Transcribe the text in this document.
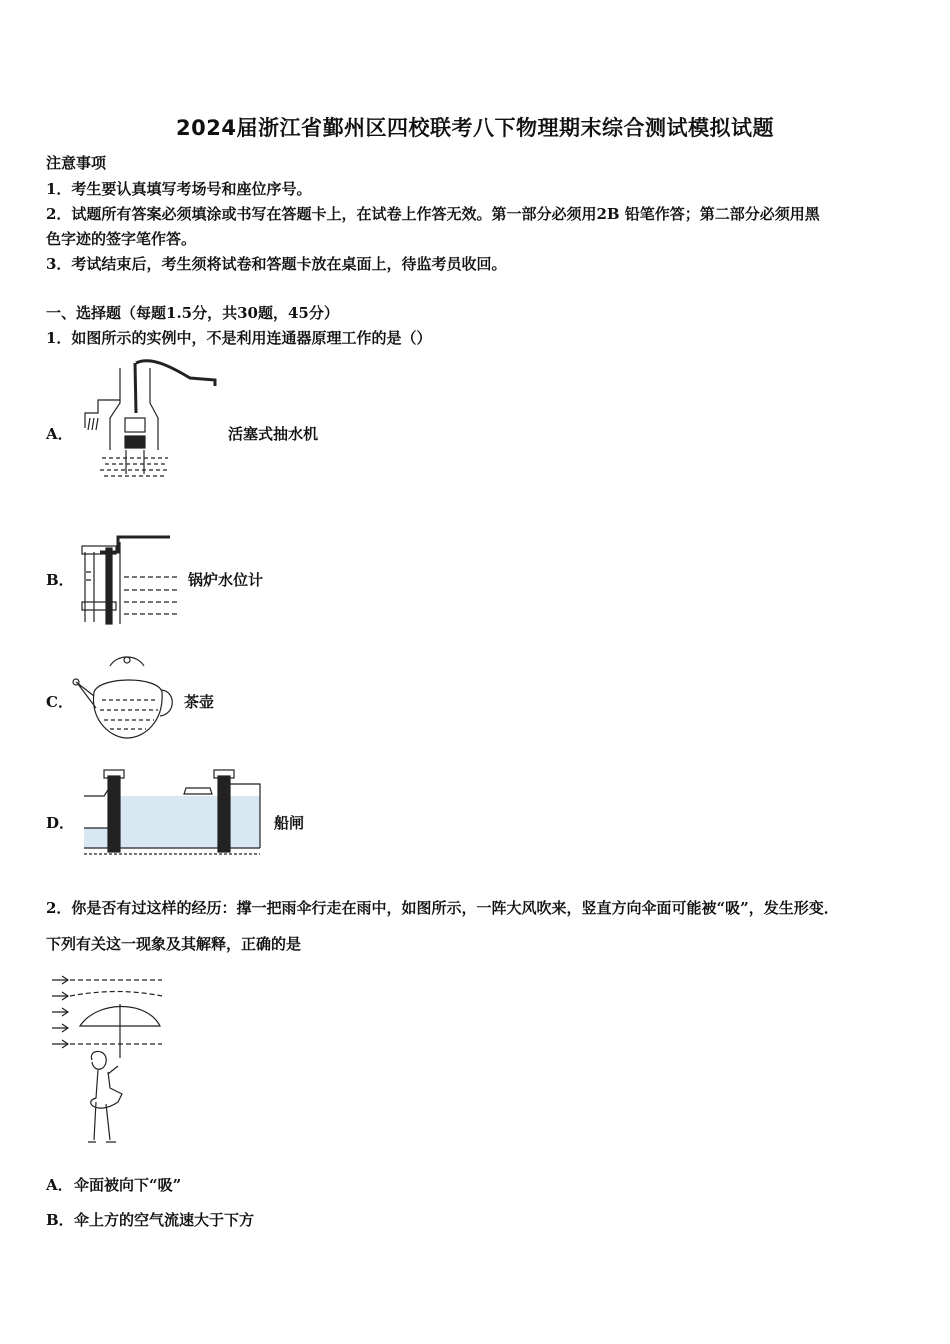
2024届浙江省鄞州区四校联考八下物理期末综合测试模拟试题
注意事项
1．考生要认真填写考场号和座位序号。
2．试题所有答案必须填涂或书写在答题卡上，在试卷上作答无效。第一部分必须用2B 铅笔作答；第二部分必须用黑
色字迹的签字笔作答。
3．考试结束后，考生须将试卷和答题卡放在桌面上，待监考员收回。
一、选择题（每题1.5分，共30题，45分）
1．如图所示的实例中，不是利用连通器原理工作的是（）
A．	活塞式抽水机
B．	锅炉水位计
C．	茶壶
D．	船闸
2．你是否有过这样的经历：撑一把雨伞行走在雨中，如图所示，一阵大风吹来，竖直方向伞面可能被“吸”，发生形变．
下列有关这一现象及其解释，正确的是
A． 伞面被向下“吸”
B． 伞上方的空气流速大于下方
